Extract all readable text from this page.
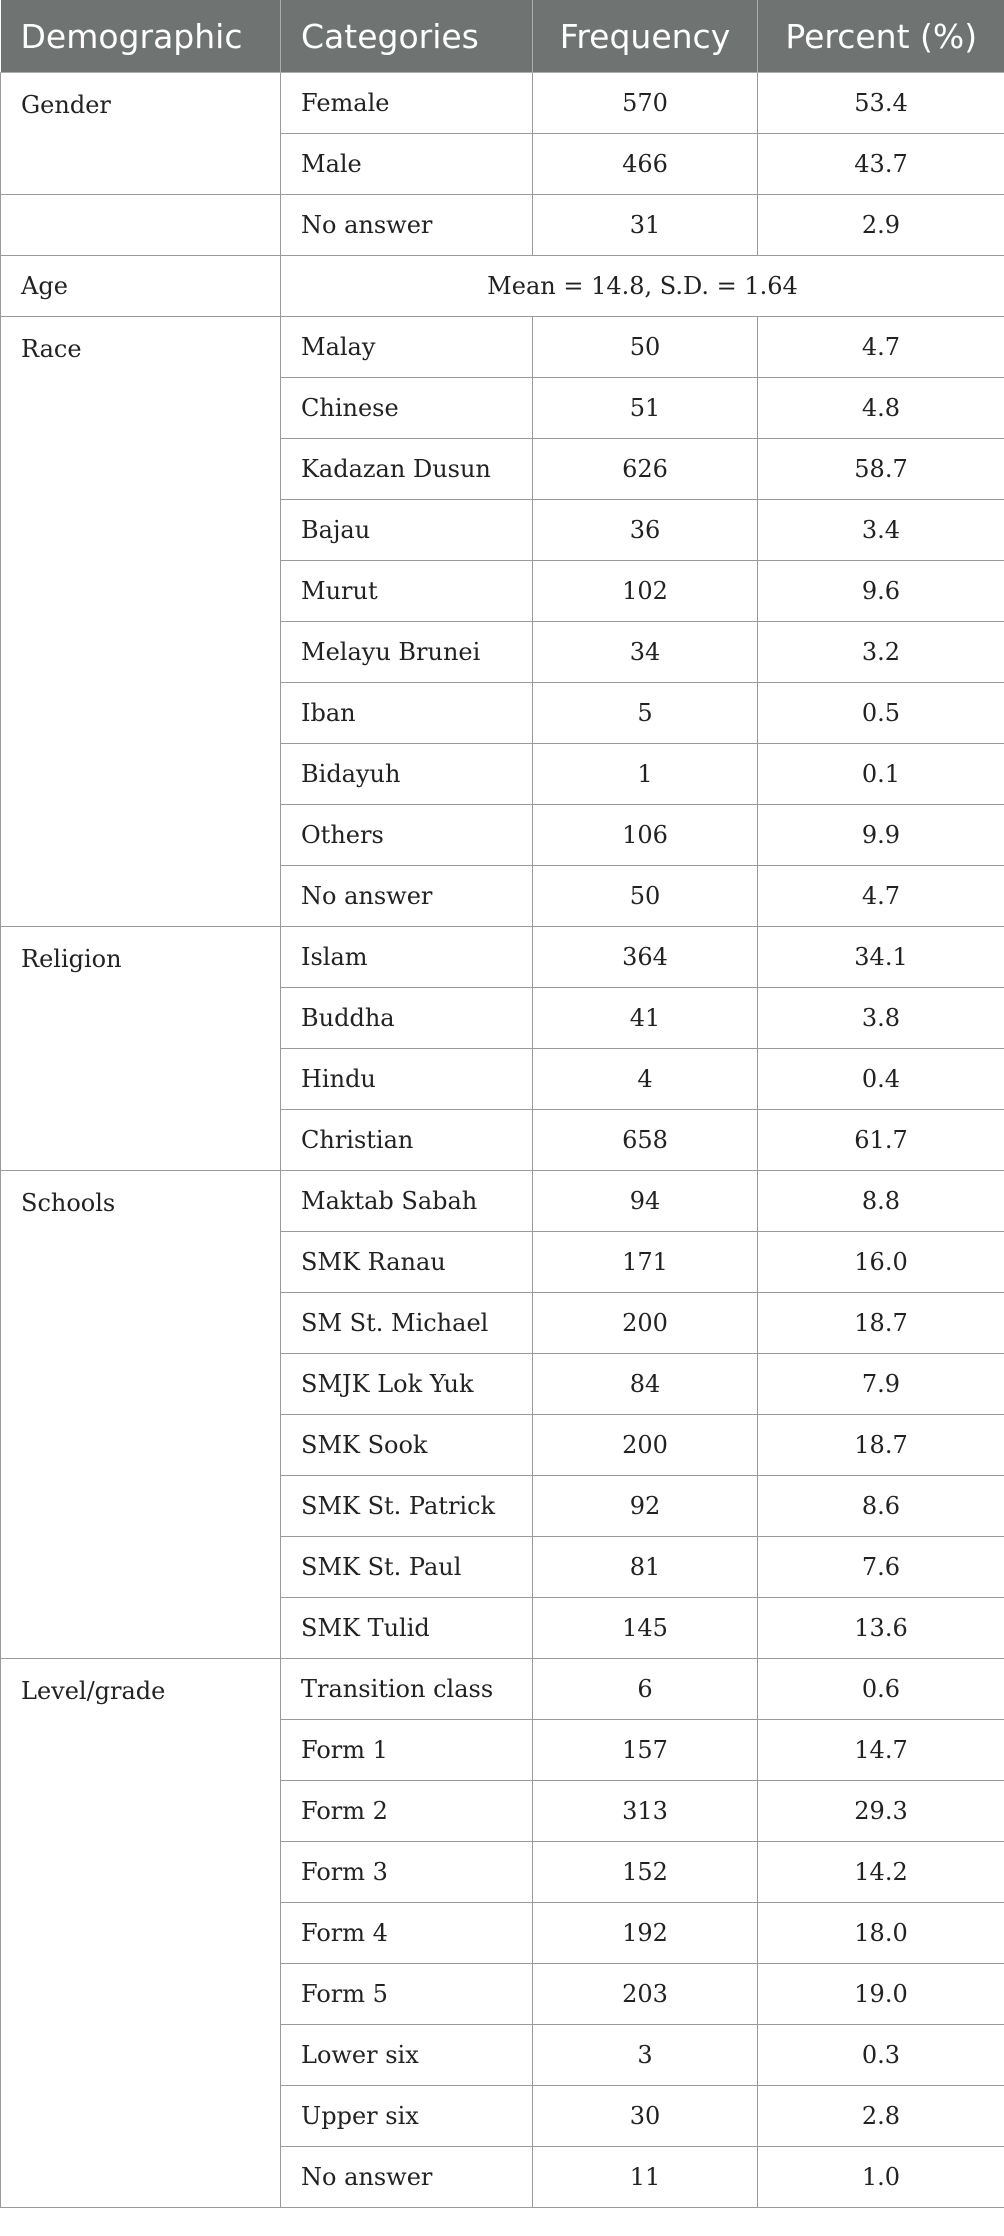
Demographic	Categories	Frequency	Percent (%)
Gender	Female	570	53.4
	Male	466	43.7
	No answer	31	2.9
Age	Mean = 14.8, S.D. = 1.64		
Race	Malay	50	4.7
	Chinese	51	4.8
	Kadazan Dusun	626	58.7
	Bajau	36	3.4
	Murut	102	9.6
	Melayu Brunei	34	3.2
	Iban	5	0.5
	Bidayuh	1	0.1
	Others	106	9.9
	No answer	50	4.7
Religion	Islam	364	34.1
	Buddha	41	3.8
	Hindu	4	0.4
	Christian	658	61.7
Schools	Maktab Sabah	94	8.8
	SMK Ranau	171	16.0
	SM St. Michael	200	18.7
	SMJK Lok Yuk	84	7.9
	SMK Sook	200	18.7
	SMK St. Patrick	92	8.6
	SMK St. Paul	81	7.6
	SMK Tulid	145	13.6
Level/grade	Transition class	6	0.6
	Form 1	157	14.7
	Form 2	313	29.3
	Form 3	152	14.2
	Form 4	192	18.0
	Form 5	203	19.0
	Lower six	3	0.3
	Upper six	30	2.8
	No answer	11	1.0
